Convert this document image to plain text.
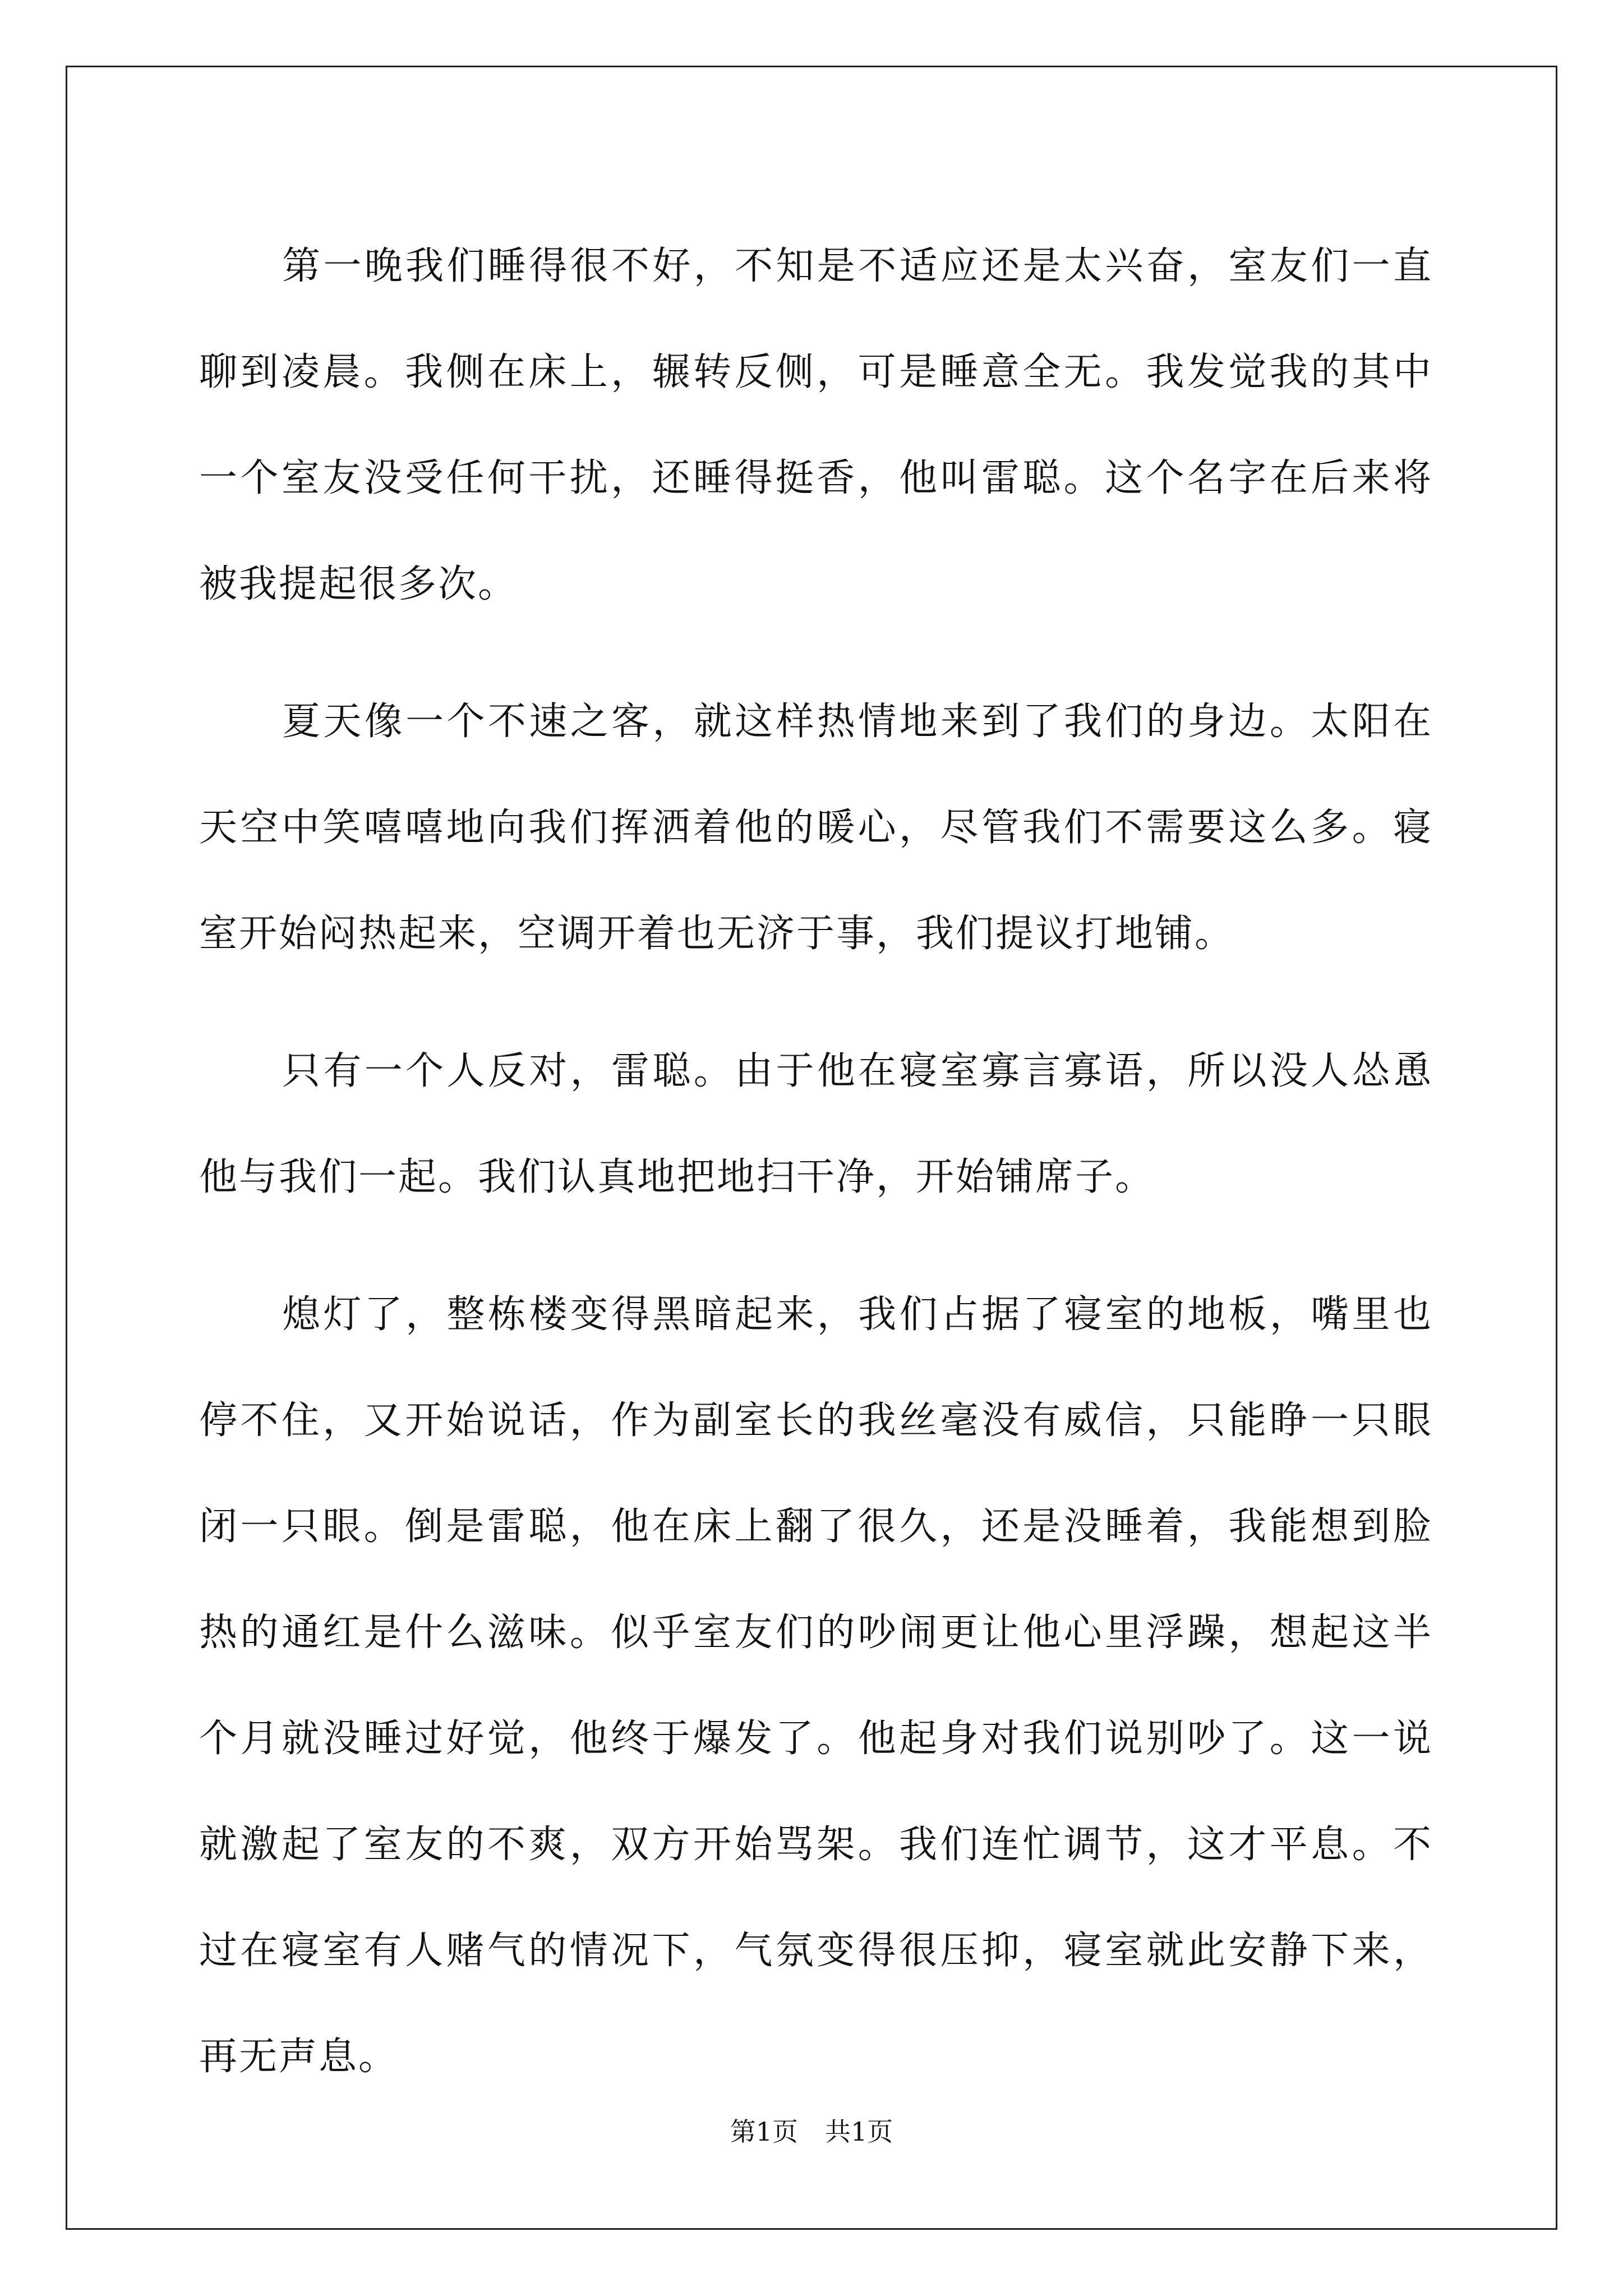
第一晚我们睡得很不好，不知是不适应还是太兴奋，室友们一直聊到凌晨。我侧在床上，辗转反侧，可是睡意全无。我发觉我的其中一个室友没受任何干扰，还睡得挺香，他叫雷聪。这个名字在后来将被我提起很多次。

夏天像一个不速之客，就这样热情地来到了我们的身边。太阳在天空中笑嘻嘻地向我们挥洒着他的暖心，尽管我们不需要这么多。寝室开始闷热起来，空调开着也无济于事，我们提议打地铺。

只有一个人反对，雷聪。由于他在寝室寡言寡语，所以没人怂恿他与我们一起。我们认真地把地扫干净，开始铺席子。

熄灯了，整栋楼变得黑暗起来，我们占据了寝室的地板，嘴里也停不住，又开始说话，作为副室长的我丝毫没有威信，只能睁一只眼闭一只眼。倒是雷聪，他在床上翻了很久，还是没睡着，我能想到脸热的通红是什么滋味。似乎室友们的吵闹更让他心里浮躁，想起这半个月就没睡过好觉，他终于爆发了。他起身对我们说别吵了。这一说就激起了室友的不爽，双方开始骂架。我们连忙调节，这才平息。不过在寝室有人赌气的情况下，气氛变得很压抑，寝室就此安静下来，再无声息。

第1页 共1页
